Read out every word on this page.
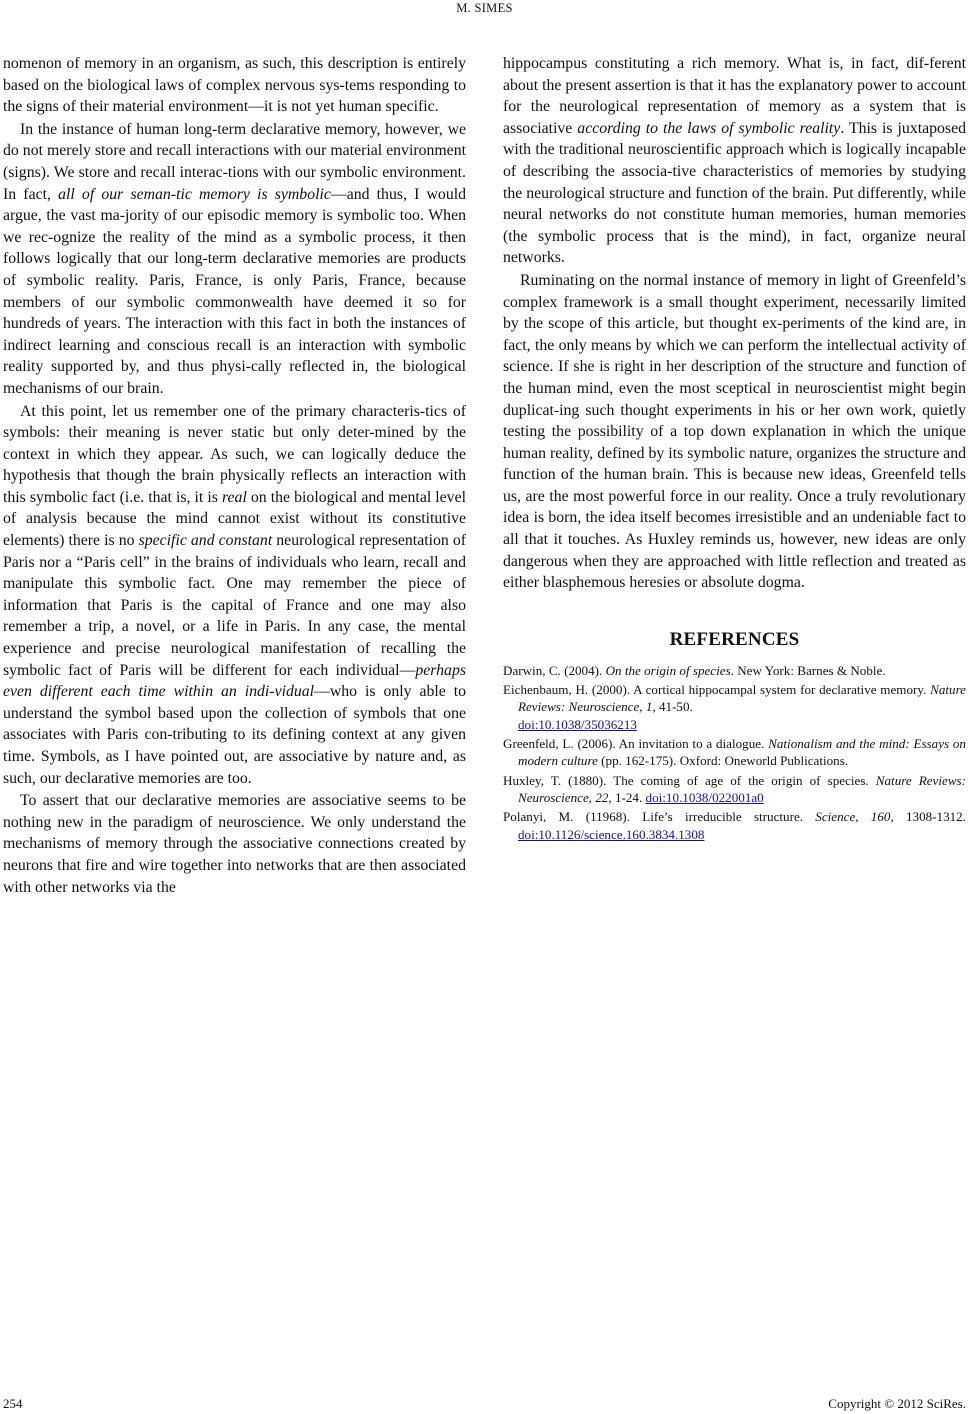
M. SIMES

nomenon of memory in an organism, as such, this description is entirely based on the biological laws of complex nervous sys-tems responding to the signs of their material environment—it is not yet human specific.

In the instance of human long-term declarative memory, however, we do not merely store and recall interactions with our material environment (signs). We store and recall interac-tions with our symbolic environment. In fact, all of our seman-tic memory is symbolic—and thus, I would argue, the vast ma-jority of our episodic memory is symbolic too. When we rec-ognize the reality of the mind as a symbolic process, it then follows logically that our long-term declarative memories are products of symbolic reality. Paris, France, is only Paris, France, because members of our symbolic commonwealth have deemed it so for hundreds of years. The interaction with this fact in both the instances of indirect learning and conscious recall is an interaction with symbolic reality supported by, and thus physi-cally reflected in, the biological mechanisms of our brain.

At this point, let us remember one of the primary characteris-tics of symbols: their meaning is never static but only deter-mined by the context in which they appear. As such, we can logically deduce the hypothesis that though the brain physically reflects an interaction with this symbolic fact (i.e. that is, it is real on the biological and mental level of analysis because the mind cannot exist without its constitutive elements) there is no specific and constant neurological representation of Paris nor a “Paris cell” in the brains of individuals who learn, recall and manipulate this symbolic fact. One may remember the piece of information that Paris is the capital of France and one may also remember a trip, a novel, or a life in Paris. In any case, the mental experience and precise neurological manifestation of recalling the symbolic fact of Paris will be different for each individual—perhaps even different each time within an indi-vidual—who is only able to understand the symbol based upon the collection of symbols that one associates with Paris con-tributing to its defining context at any given time. Symbols, as I have pointed out, are associative by nature and, as such, our declarative memories are too.

To assert that our declarative memories are associative seems to be nothing new in the paradigm of neuroscience. We only understand the mechanisms of memory through the associative connections created by neurons that fire and wire together into networks that are then associated with other networks via the

hippocampus constituting a rich memory. What is, in fact, dif-ferent about the present assertion is that it has the explanatory power to account for the neurological representation of memory as a system that is associative according to the laws of symbolic reality. This is juxtaposed with the traditional neuroscientific approach which is logically incapable of describing the associa-tive characteristics of memories by studying the neurological structure and function of the brain. Put differently, while neural networks do not constitute human memories, human memories (the symbolic process that is the mind), in fact, organize neural networks.

Ruminating on the normal instance of memory in light of Greenfeld’s complex framework is a small thought experiment, necessarily limited by the scope of this article, but thought ex-periments of the kind are, in fact, the only means by which we can perform the intellectual activity of science. If she is right in her description of the structure and function of the human mind, even the most sceptical in neuroscientist might begin duplicat-ing such thought experiments in his or her own work, quietly testing the possibility of a top down explanation in which the unique human reality, defined by its symbolic nature, organizes the structure and function of the human brain. This is because new ideas, Greenfeld tells us, are the most powerful force in our reality. Once a truly revolutionary idea is born, the idea itself becomes irresistible and an undeniable fact to all that it touches. As Huxley reminds us, however, new ideas are only dangerous when they are approached with little reflection and treated as either blasphemous heresies or absolute dogma.

REFERENCES
Darwin, C. (2004). On the origin of species. New York: Barnes & Noble.
Eichenbaum, H. (2000). A cortical hippocampal system for declarative memory. Nature Reviews: Neuroscience, 1, 41-50.
doi:10.1038/35036213
Greenfeld, L. (2006). An invitation to a dialogue. Nationalism and the mind: Essays on modern culture (pp. 162-175). Oxford: Oneworld Publications.
Huxley, T. (1880). The coming of age of the origin of species. Nature Reviews: Neuroscience, 22, 1-24. doi:10.1038/022001a0
Polanyi, M. (11968). Life’s irreducible structure. Science, 160, 1308-1312. doi:10.1126/science.160.3834.1308
254	Copyright © 2012 SciRes.
